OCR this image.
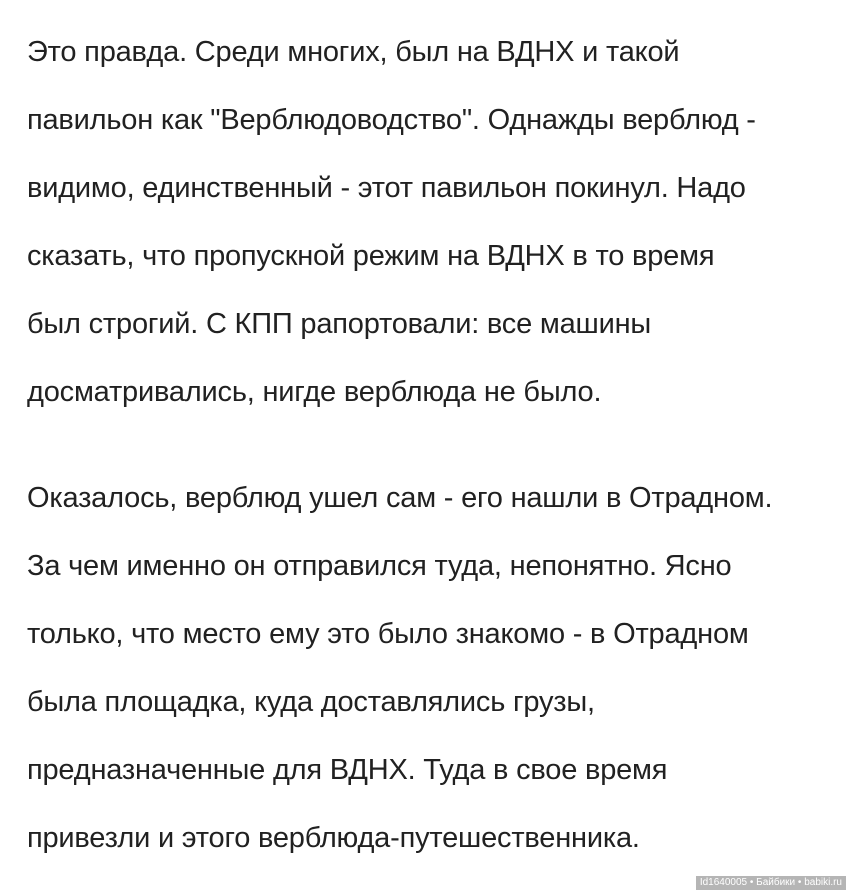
Это правда. Среди многих, был на ВДНХ и такой
павильон как "Верблюдоводство". Однажды верблюд -
видимо, единственный - этот павильон покинул. Надо
сказать, что пропускной режим на ВДНХ в то время
был строгий. С КПП рапортовали: все машины
досматривались, нигде верблюда не было.

Оказалось, верблюд ушел сам - его нашли в Отрадном.
За чем именно он отправился туда, непонятно. Ясно
только, что место ему это было знакомо - в Отрадном
была площадка, куда доставлялись грузы,
предназначенные для ВДНХ. Туда в свое время
привезли и этого верблюда-путешественника.

Id1640005 • Байбики • babiki.ru
